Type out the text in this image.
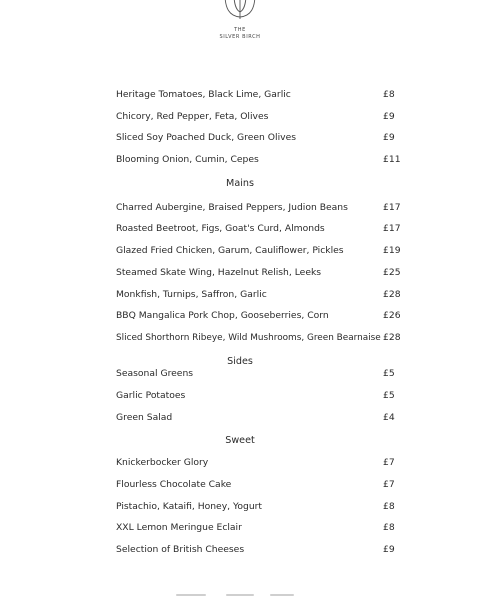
THE
SILVER BIRCH
Heritage Tomatoes, Black Lime, Garlic	£8
Chicory, Red Pepper, Feta, Olives	£9
Sliced Soy Poached Duck, Green Olives	£9
Blooming Onion, Cumin, Cepes	£11
Mains
Charred Aubergine, Braised Peppers, Judion Beans	£17
Roasted Beetroot, Figs, Goat's Curd, Almonds	£17
Glazed Fried Chicken, Garum, Cauliflower, Pickles	£19
Steamed Skate Wing, Hazelnut Relish, Leeks	£25
Monkfish, Turnips, Saffron, Garlic	£28
BBQ Mangalica Pork Chop, Gooseberries, Corn	£26
Sliced Shorthorn Ribeye, Wild Mushrooms, Green Bearnaise £28
Sides
Seasonal Greens	£5
Garlic Potatoes	£5
Green Salad	£4
Sweet
Knickerbocker Glory	£7
Flourless Chocolate Cake	£7
Pistachio, Kataifi, Honey, Yogurt	£8
XXL Lemon Meringue Eclair	£8
Selection of British Cheeses	£9
